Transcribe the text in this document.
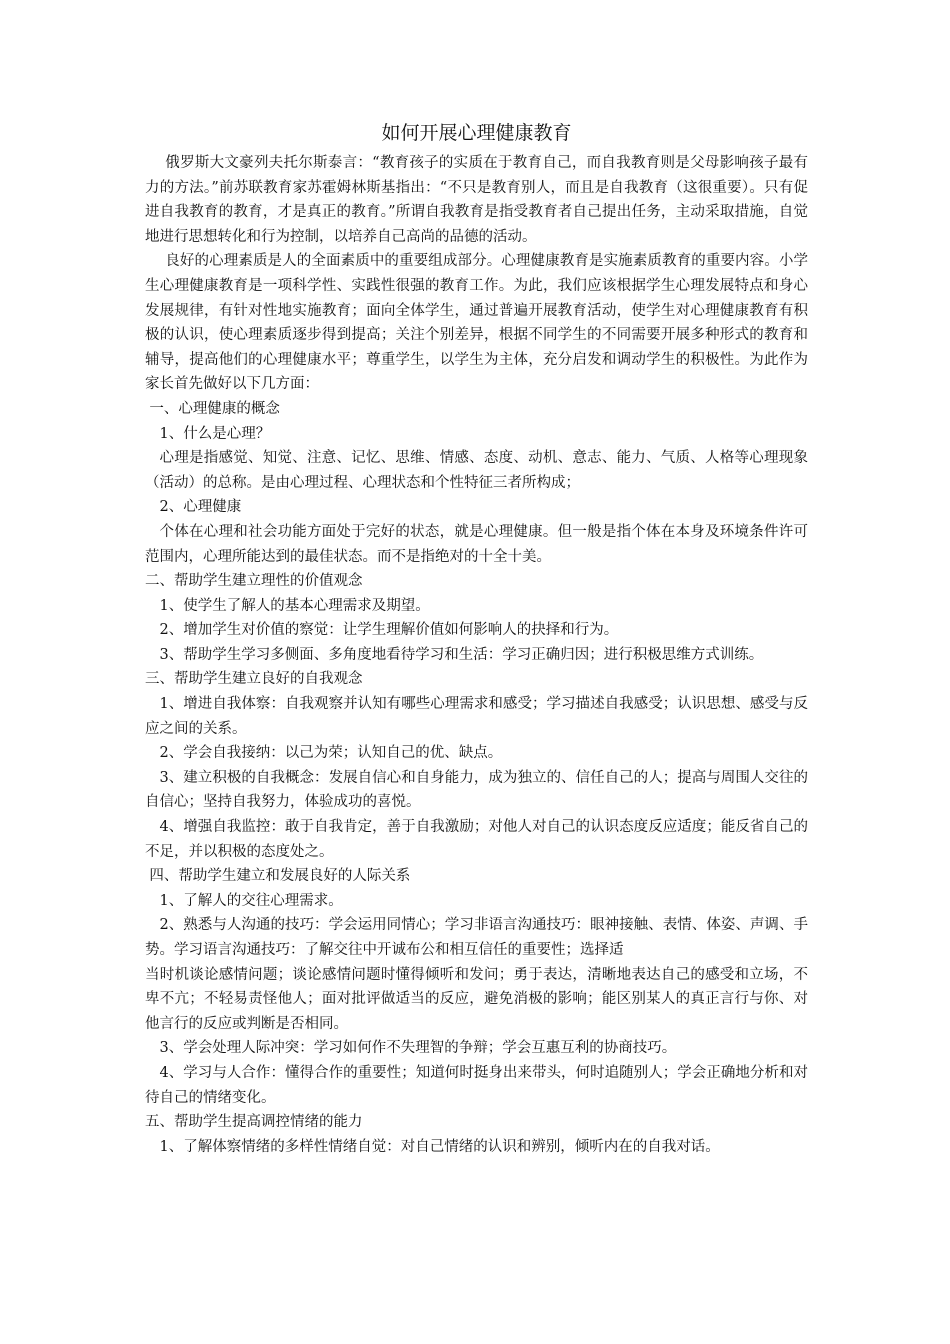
如何开展心理健康教育

俄罗斯大文豪列夫托尔斯泰言：“教育孩子的实质在于教育自己，而自我教育则是父母影响孩子最有力的方法。”前苏联教育家苏霍姆林斯基指出：“不只是教育别人，而且是自我教育（这很重要）。只有促进自我教育的教育，才是真正的教育。”所谓自我教育是指受教育者自己提出任务，主动采取措施，自觉地进行思想转化和行为控制，以培养自己高尚的品德的活动。

良好的心理素质是人的全面素质中的重要组成部分。心理健康教育是实施素质教育的重要内容。小学生心理健康教育是一项科学性、实践性很强的教育工作。为此，我们应该根据学生心理发展特点和身心发展规律，有针对性地实施教育；面向全体学生，通过普遍开展教育活动，使学生对心理健康教育有积极的认识，使心理素质逐步得到提高；关注个别差异，根据不同学生的不同需要开展多种形式的教育和辅导，提高他们的心理健康水平；尊重学生，以学生为主体，充分启发和调动学生的积极性。为此作为家长首先做好以下几方面：

一、心理健康的概念

1、什么是心理？

心理是指感觉、知觉、注意、记忆、思维、情感、态度、动机、意志、能力、气质、人格等心理现象（活动）的总称。是由心理过程、心理状态和个性特征三者所构成；

2、心理健康

个体在心理和社会功能方面处于完好的状态，就是心理健康。但一般是指个体在本身及环境条件许可范围内，心理所能达到的最佳状态。而不是指绝对的十全十美。

二、帮助学生建立理性的价值观念

1、使学生了解人的基本心理需求及期望。

2、增加学生对价值的察觉：让学生理解价值如何影响人的抉择和行为。

3、帮助学生学习多侧面、多角度地看待学习和生活：学习正确归因；进行积极思维方式训练。

三、帮助学生建立良好的自我观念

1、增进自我体察：自我观察并认知有哪些心理需求和感受；学习描述自我感受；认识思想、感受与反应之间的关系。

2、学会自我接纳：以己为荣；认知自己的优、缺点。

3、建立积极的自我概念：发展自信心和自身能力，成为独立的、信任自己的人；提高与周围人交往的自信心；坚持自我努力，体验成功的喜悦。

4、增强自我监控：敢于自我肯定，善于自我激励；对他人对自己的认识态度反应适度；能反省自己的不足，并以积极的态度处之。

四、帮助学生建立和发展良好的人际关系

1、了解人的交往心理需求。

2、熟悉与人沟通的技巧：学会运用同情心；学习非语言沟通技巧：眼神接触、表情、体姿、声调、手势。学习语言沟通技巧：了解交往中开诚布公和相互信任的重要性；选择适

当时机谈论感情问题；谈论感情问题时懂得倾听和发问；勇于表达，清晰地表达自己的感受和立场，不卑不亢；不轻易责怪他人；面对批评做适当的反应，避免消极的影响；能区别某人的真正言行与你、对他言行的反应或判断是否相同。

3、学会处理人际冲突：学习如何作不失理智的争辩；学会互惠互利的协商技巧。

4、学习与人合作：懂得合作的重要性；知道何时挺身出来带头，何时追随别人；学会正确地分析和对待自己的情绪变化。

五、帮助学生提高调控情绪的能力

1、了解体察情绪的多样性情绪自觉：对自己情绪的认识和辨别，倾听内在的自我对话。
